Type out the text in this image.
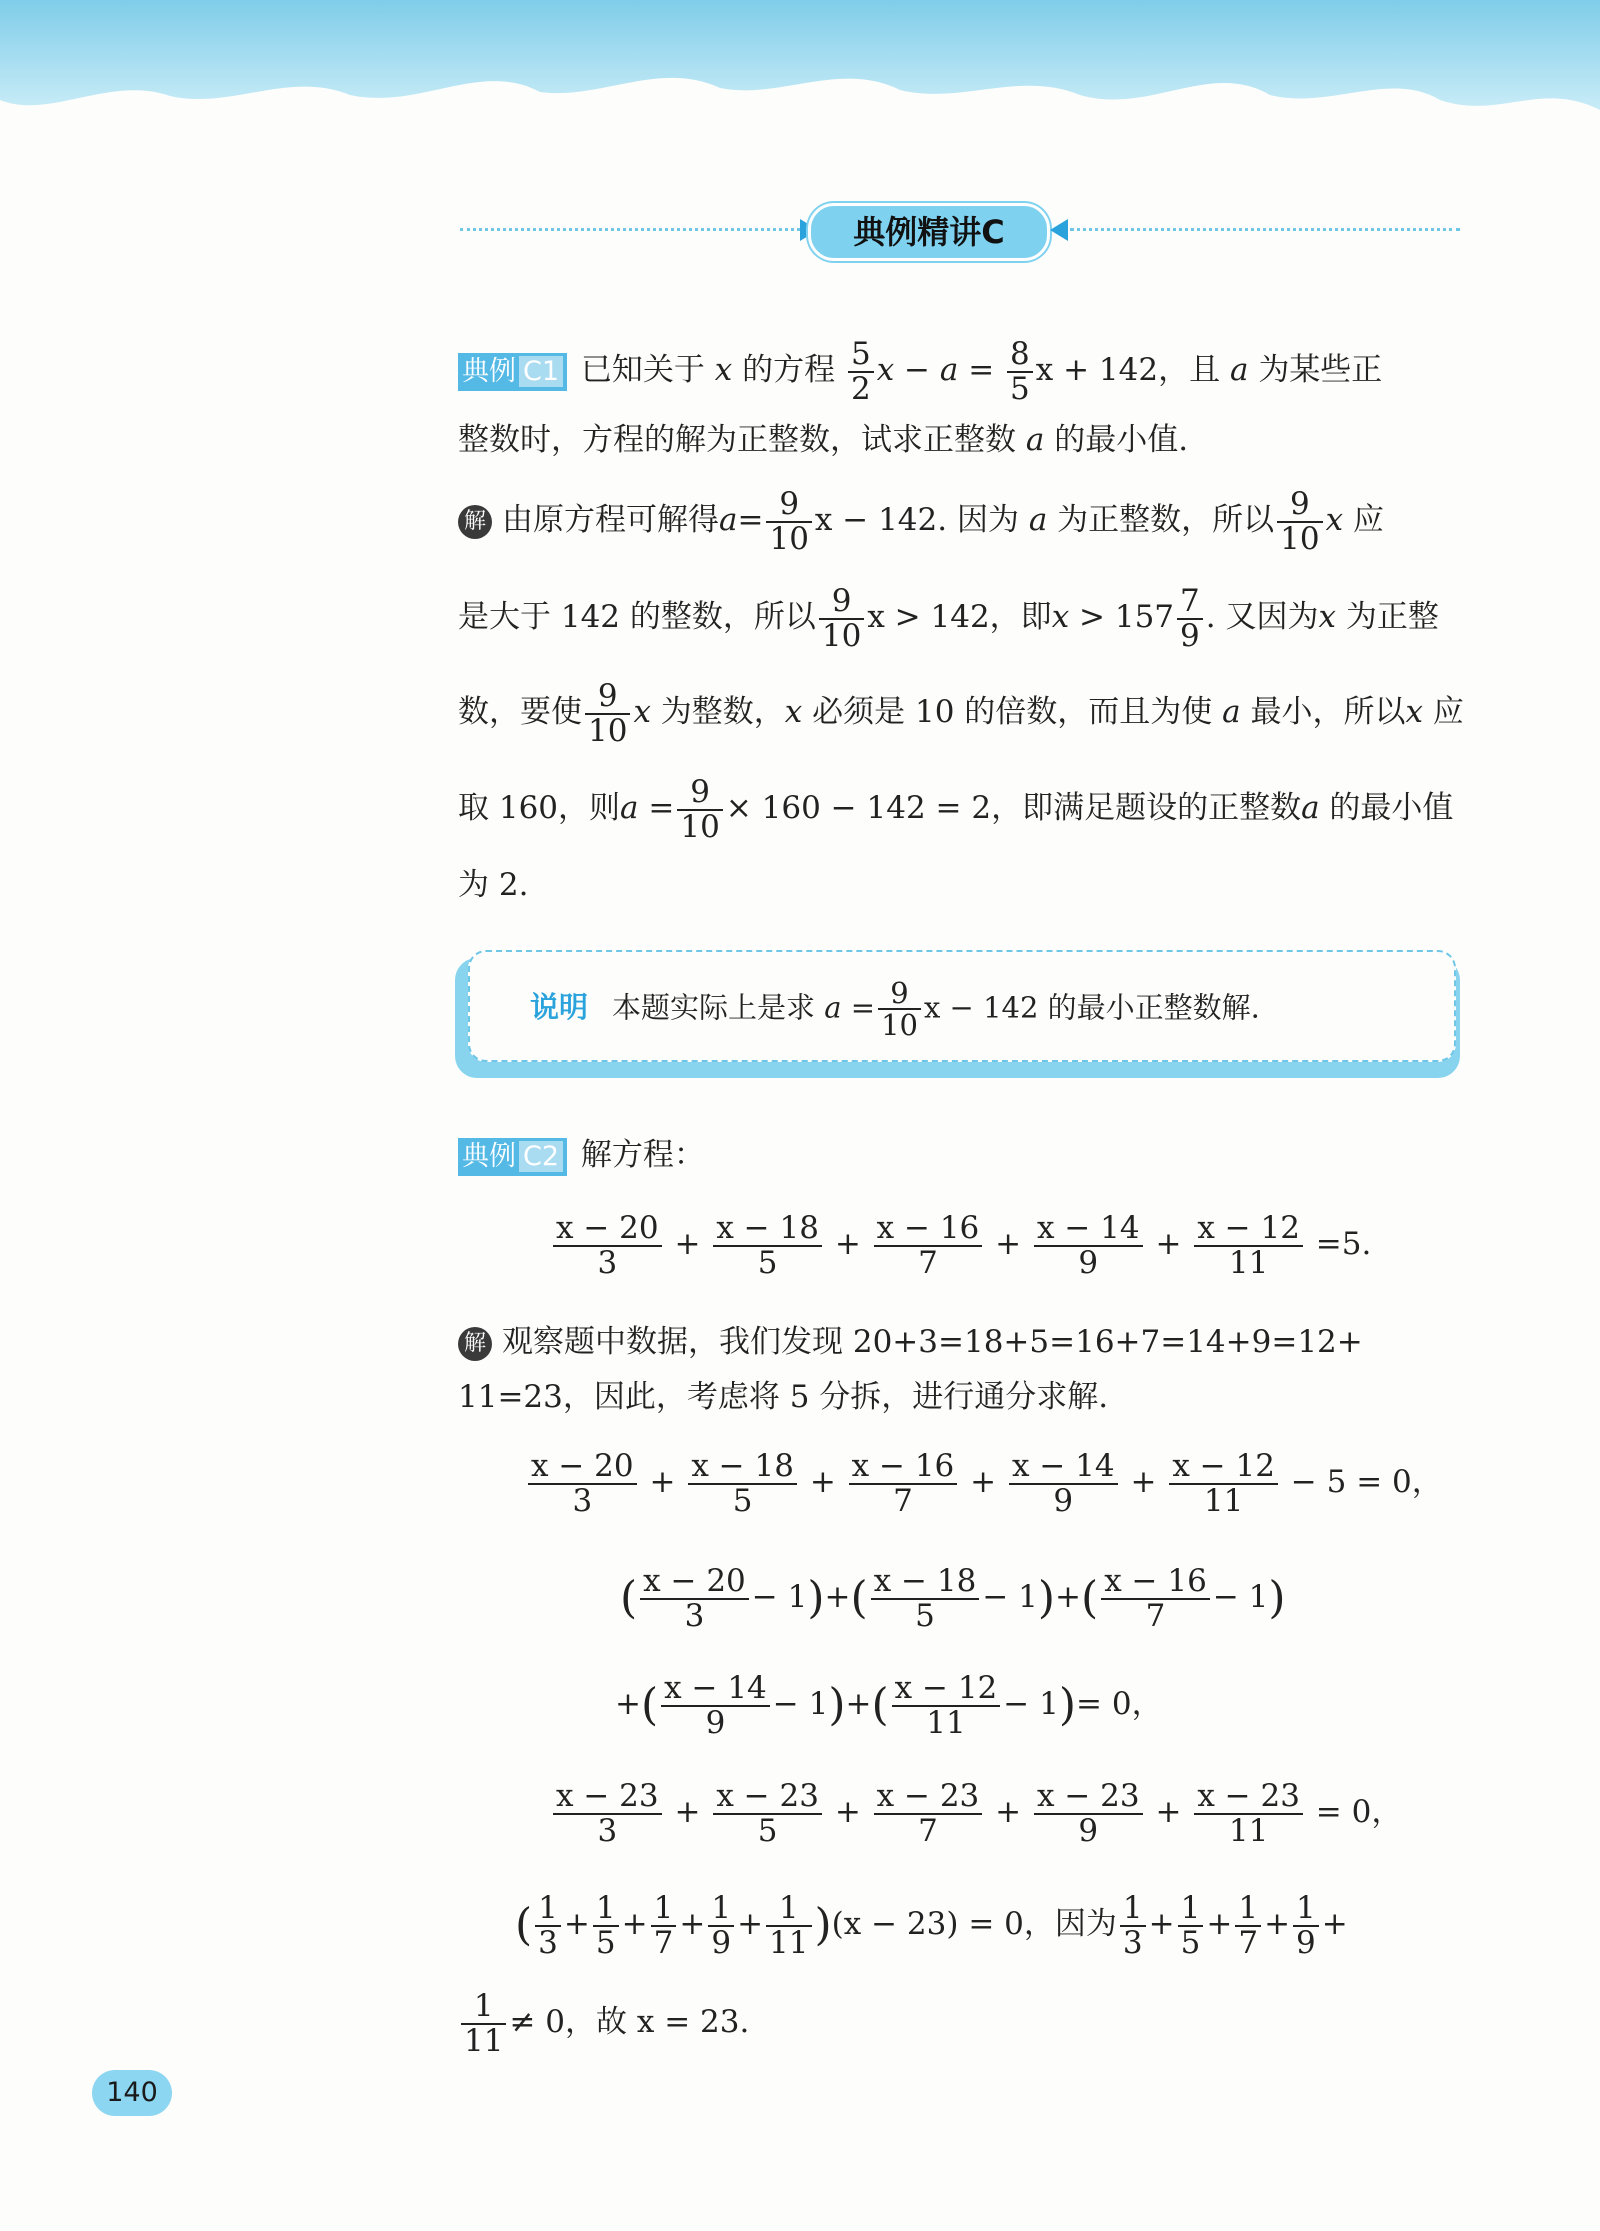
典例精讲C
典例 C1 已知关于 x 的方程 $\frac{5}{2}$ $x - a = \frac{8}{5}$ x + 142，且 a 为某些正
整数时，方程的解为正整数，试求正整数 a 的最小值.
解 由原方程可解得$a= \frac{9}{10}$ x − 142. 因为 a 为正整数，所以 $\frac{9}{10}$ x 应
是大于 142 的整数，所以 $\frac{9}{10}$ x > 142，即$x > 157 \frac{7}{9}$ . 又因为x 为正整
数，要使 $\frac{9}{10}$ x 为整数，x 必须是 10 的倍数，而且为使 a 最小，所以x 应
取 160，则$a = \frac{9}{10} \times 160 - 142 = 2$，即满足题设的正整数a 的最小值
为 2.
说明 本题实际上是求 $a = \frac{9}{10}$ x − 142 的最小正整数解.
典例 C2 解方程：
$\frac{x - 20}{3} + \frac{x - 18}{5} + \frac{x - 16}{7} + \frac{x - 14}{9} + \frac{x - 12}{11} =5$.
解 观察题中数据，我们发现 20+3=18+5=16+7=14+9=12+
11=23，因此，考虑将 5 分拆，进行通分求解.
$\frac{x - 20}{3} + \frac{x - 18}{5} + \frac{x - 16}{7} + \frac{x - 14}{9} + \frac{x - 12}{11} - 5 = 0$，
( $\frac{x - 20}{3} - 1)+( \frac{x - 18}{5} - 1)+( \frac{x - 16}{7} - 1)$
+( $\frac{x - 14}{9} - 1)+( \frac{x - 12}{11} - 1)= 0$，
$\frac{x - 23}{3} + \frac{x - 23}{5} + \frac{x - 23}{7} + \frac{x - 23}{9} + \frac{x - 23}{11} = 0$，
( $\frac{1}{3} + \frac{1}{5} + \frac{1}{7} + \frac{1}{9} + \frac{1}{11} )(x - 23) = 0$，因为 $\frac{1}{3} + \frac{1}{5} + \frac{1}{7} + \frac{1}{9}$ +
$\frac{1}{11} \ne 0$，故 x = 23.
140
